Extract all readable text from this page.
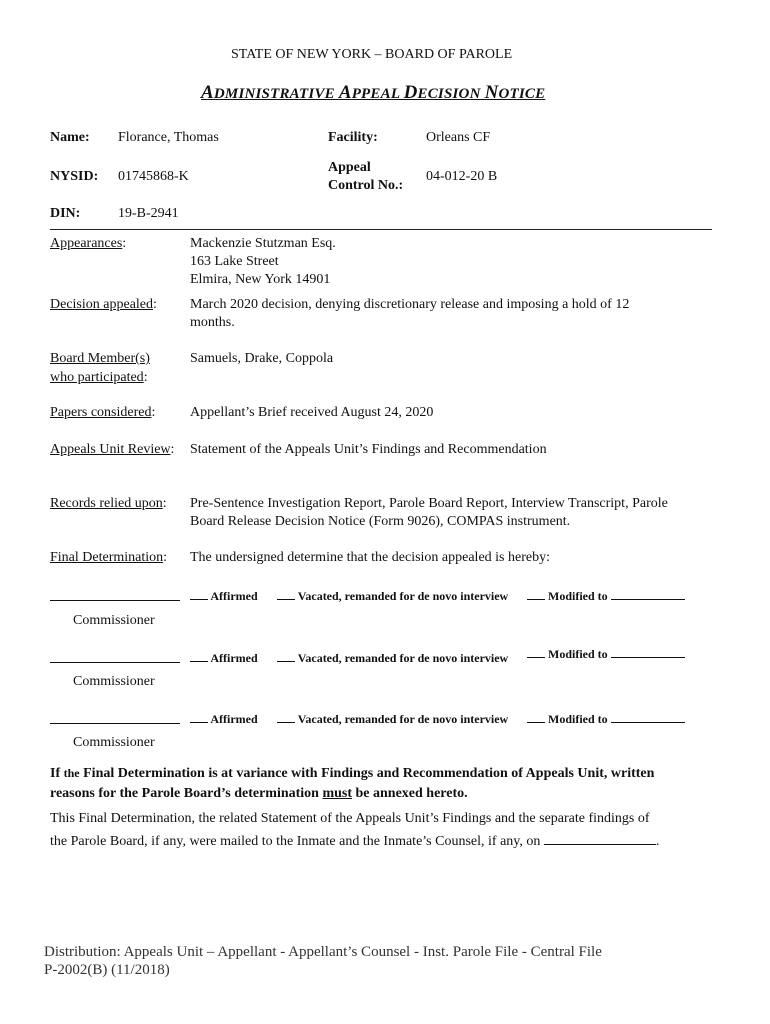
STATE OF NEW YORK – BOARD OF PAROLE
ADMINISTRATIVE APPEAL DECISION NOTICE
Name: Florance, Thomas	Facility:	Orleans CF
NYSID: 01745868-K
Appeal
Control No.:
04-012-20 B
DIN:	19-B-2941
Appearances:	Mackenzie Stutzman Esq.
163 Lake Street
Elmira, New York 14901
Decision appealed: March 2020 decision, denying discretionary release and imposing a hold of 12
months.
Board Member(s)
who participated:
Samuels, Drake, Coppola
Papers considered: Appellant’s Brief received August 24, 2020
Appeals Unit Review: Statement of the Appeals Unit’s Findings and Recommendation
Records relied upon: Pre-Sentence Investigation Report, Parole Board Report, Interview Transcript, Parole
Board Release Decision Notice (Form 9026), COMPAS instrument.
Final Determination: The undersigned determine that the decision appealed is hereby:
Affirmed	Vacated, remanded for de novo interview	Modified to
Commissioner
Affirmed	Vacated, remanded for de novo interview	Modified to
Commissioner
Affirmed	Vacated, remanded for de novo interview	Modified to
Commissioner
If the Final Determination is at variance with Findings and Recommendation of Appeals Unit, written
reasons for the Parole Board’s determination must be annexed hereto.
This Final Determination, the related Statement of the Appeals Unit’s Findings and the separate findings of
the Parole Board, if any, were mailed to the Inmate and the Inmate’s Counsel, if any, on	.
Distribution: Appeals Unit – Appellant - Appellant’s Counsel - Inst. Parole File - Central File
P-2002(B) (11/2018)
